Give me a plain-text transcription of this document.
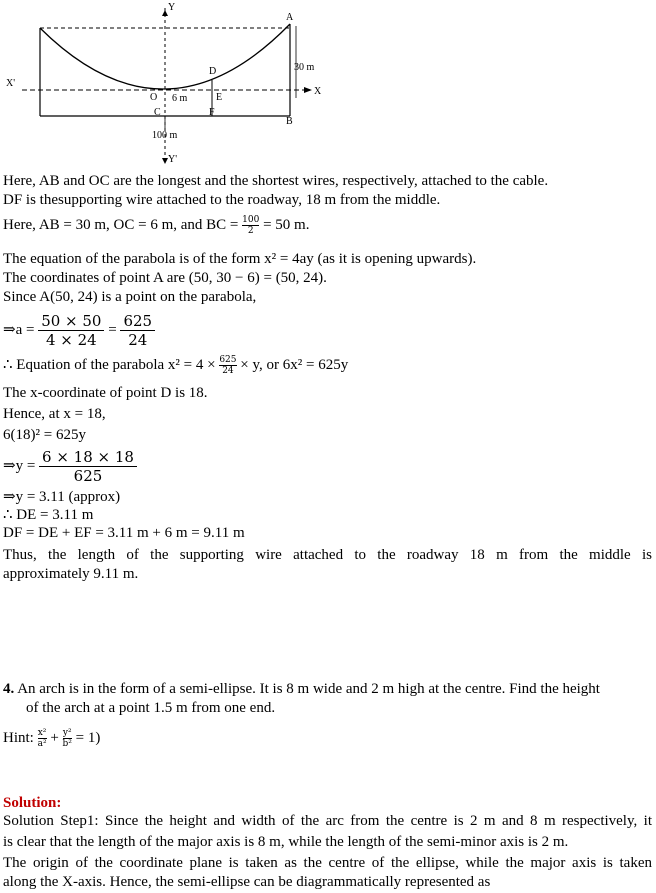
Y
A
30 m
D
X'
X
O 6 m	E
C	F
B
100 m
Y'
Here, AB and OC are the longest and the shortest wires, respectively, attached to the cable.
DF is thesupporting wire attached to the roadway, 18 m from the middle.
Here, AB = 30 m, OC = 6 m, and BC = $\frac{100}{2} = 50$ m.
The equation of the parabola is of the form x² = 4ay (as it is opening upwards).
The coordinates of point A are (50, 30 − 6) = (50, 24).
Since A(50, 24) is a point on the parabola,
⇒a = $\frac{50 \times 50}{4 \times 24} = \frac{625}{24}$
∴ Equation of the parabola $x^2 = 4 \times \frac{625}{24} \times y$, or 6x² = 625y
The x-coordinate of point D is 18.
Hence, at x = 18,
6(18)² = 625y
⇒y = $\frac{6 \times 18 \times 18}{625}$
⇒y = 3.11 (approx)
∴ DE = 3.11 m
DF = DE + EF = 3.11 m + 6 m = 9.11 m
Thus, the length of the supporting wire attached to the roadway 18 m from the middle is
approximately 9.11 m.
4. An arch is in the form of a semi-ellipse. It is 8 m wide and 2 m high at the centre. Find the height
of the arch at a point 1.5 m from one end.
Hint: $\frac{\text{x²}}{\text{a²}} + \frac{\text{y²}}{\text{b²}} = 1$)
Solution:
Solution Step1: Since the height and width of the arc from the centre is 2 m and 8 m respectively, it
is clear that the length of the major axis is 8 m, while the length of the semi-minor axis is 2 m.
The origin of the coordinate plane is taken as the centre of the ellipse, while the major axis is taken
along the X-axis. Hence, the semi-ellipse can be diagrammatically represented as
